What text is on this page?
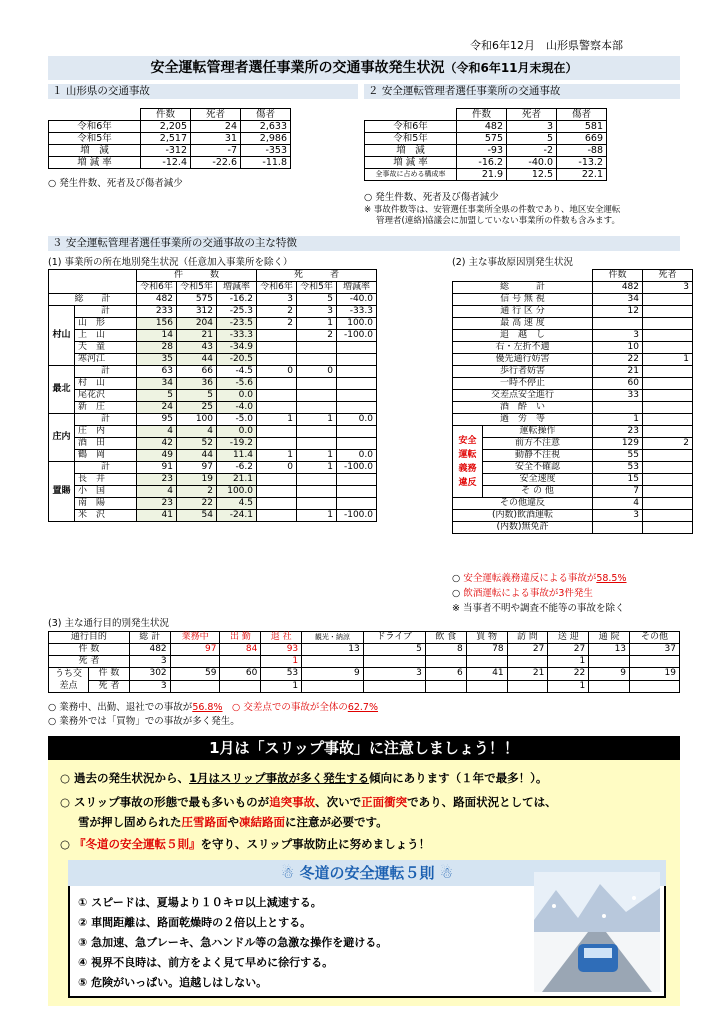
令和6年12月　 山形県警察本部
安全運転管理者選任事業所の交通事故発生状況（令和6年11月末現在）
１ 山形県の交通事故
	件数	死者	傷者
令和6年	2,205	24	2,633
令和5年	2,517	31	2,986
増　減	-312	-7	-353
増 減 率	-12.4	-22.6	-11.8
○ 発生件数、死者及び傷者減少
２ 安全運転管理者選任事業所の交通事故
	件数	死者	傷者
令和6年	482	3	581
令和5年	575	5	669
増　減	-93	-2	-88
増 減 率	-16.2	-40.0	-13.2
全事故に占める構成率	21.9	12.5	22.1
○ 発生件数、死者及び傷者減少
※ 事故件数等は、安管選任事業所全県の件数であり、地区安全運転
管理者(連絡)協議会に加盟していない事業所の件数も含みます。
３ 安全運転管理者選任事業所の交通事故の主な特徴
(1) 事業所の所在地別発生状況（任意加入事業所を除く）
		件　　　数			死　　　者		
		令和6年	令和5年	増減率	令和6年	令和5年	増減率
総　　計		482	575	-16.2	3	5	-40.0
村山	計	233	312	-25.3	2	3	-33.3
	山　形	156	204	-23.5	2	1	100.0
	上　山	14	21	-33.3		2	-100.0
	天　童	28	43	-34.9			
	寒河江	35	44	-20.5			
最北	計	63	66	-4.5	0	0	
	村　山	34	36	-5.6			
	尾花沢	5	5	0.0			
	新　庄	24	25	-4.0			
庄内	計	95	100	-5.0	1	1	0.0
	庄　内	4	4	0.0			
	酒　田	42	52	-19.2			
	鶴　岡	49	44	11.4	1	1	0.0
置賜	計	91	97	-6.2	0	1	-100.0
	長　井	23	19	21.1			
	小　国	4	2	100.0			
	南　陽	23	22	4.5			
	米　沢	41	54	-24.1		1	-100.0
(2) 主な事故原因別発生状況
		件数	死者
総　　　計		482	3
信 号 無 視		34	
通 行 区 分		12	
最 高 速 度			
追　越　し		3	
右・左折不適		10	
優先通行妨害		22	1
歩行者妨害		21	
一時不停止		60	
交差点安全進行		33	
酒　酔　い			
過　労　等		1	
安全運転義務違反	運転操作	23	
	前方不注意	129	2
	動静不注視	55	
	安全不確認	53	
	安全速度	15	
	そ の 他	7	
その他違反		4	
(内数)飲酒運転		3	
(内数)無免許			
○ 安全運転義務違反による事故が58.5%
○ 飲酒運転による事故が3件発生
※ 当事者不明や調査不能等の事故を除く
(3) 主な通行目的別発生状況
通行目的		総 計	業務中	出 勤	退 社	観光・納涼	ドライブ	飲 食	買 物	訪 問	送 迎	通 院	その他
件 数		482	97	84	93	13	5	8	78	27	27	13	37
死 者		3			1						1		
うち交差点	件 数	302	59	60	53	9	3	6	41	21	22	9	19
	死 者	3			1						1		
○ 業務中、出勤、退社での事故が56.8%　 ○ 交差点での事故が全体の62.7%
○ 業務外では「買物」での事故が多く発生。
1月は「スリップ事故」に注意しましょう！！
○ 過去の発生状況から、1月はスリップ事故が多く発生する傾向にあります（１年で最多！）。
○ スリップ事故の形態で最も多いものが追突事故、次いで正面衝突であり、路面状況としては、
雪が押し固められた圧雪路面や凍結路面に注意が必要です。
○ 『冬道の安全運転５則』を守り、スリップ事故防止に努めましょう！
☃ 冬道の安全運転５則 ☃
① スピードは、夏場より１０キロ以上減速する。
② 車間距離は、路面乾燥時の２倍以上とする。
③ 急加速、急ブレーキ、急ハンドル等の急激な操作を避ける。
④ 視界不良時は、前方をよく見て早めに徐行する。
⑤ 危険がいっぱい。追越しはしない。
